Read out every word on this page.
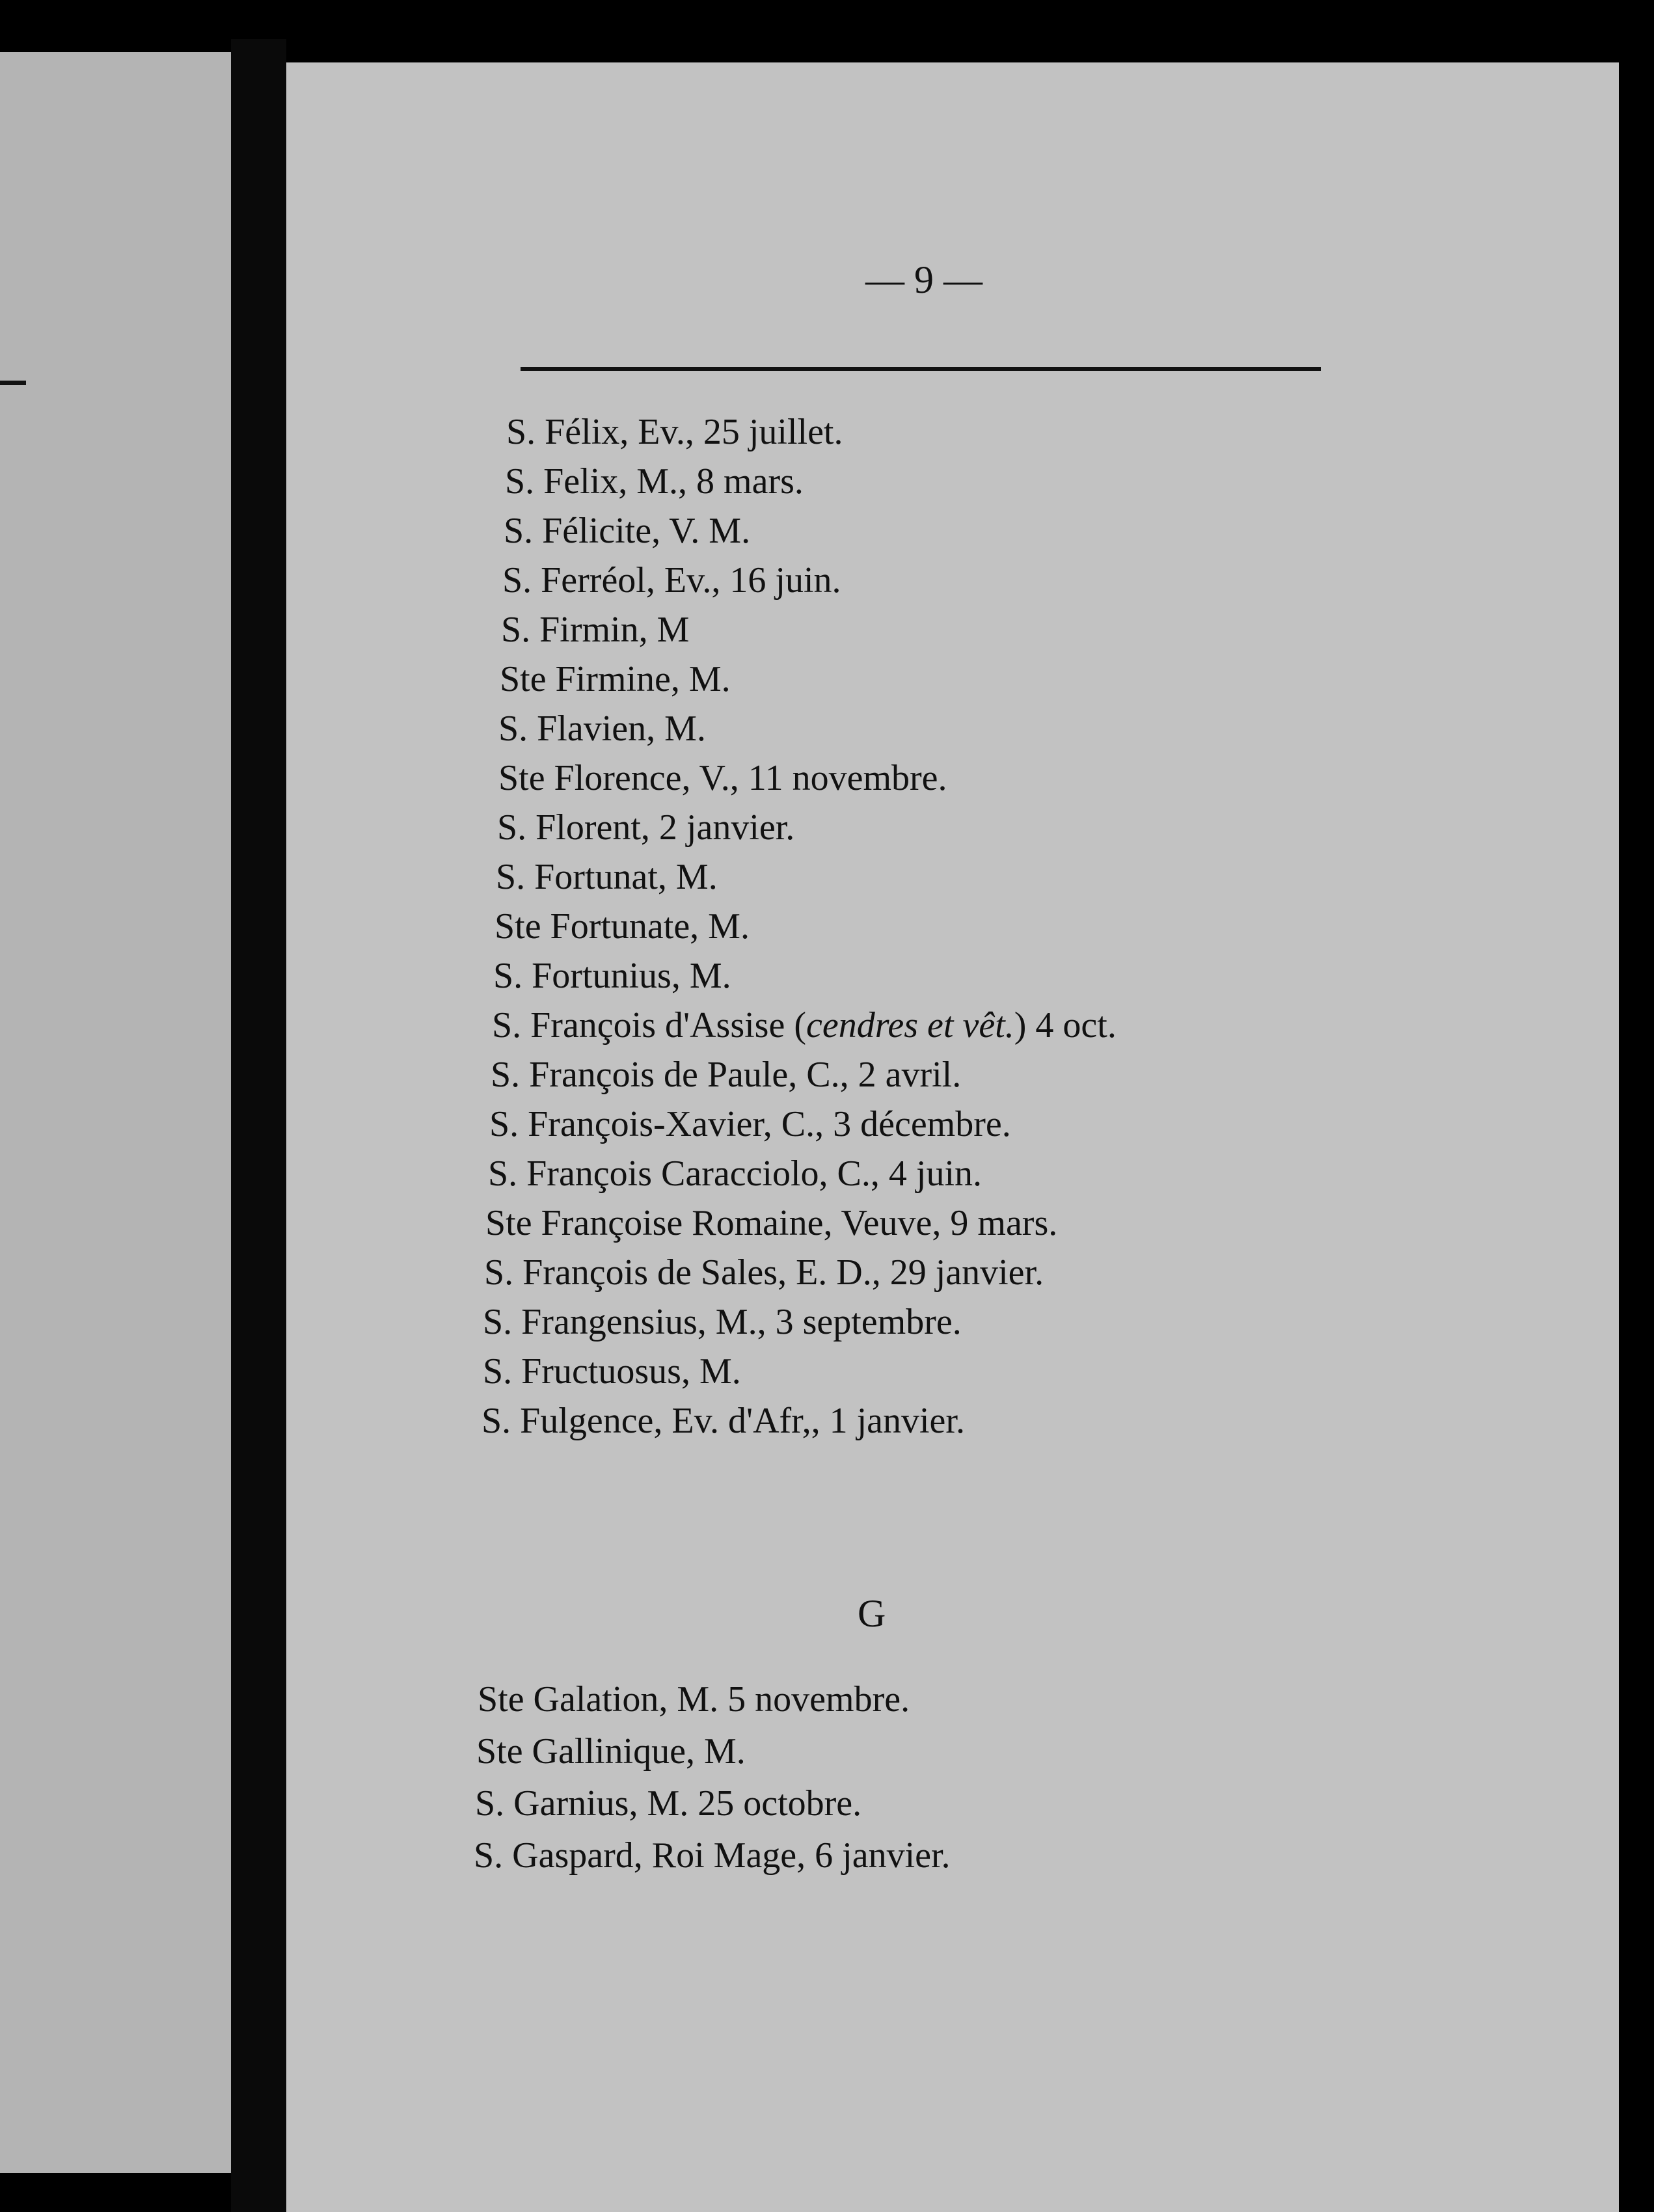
— 9 —
S. Félix, Ev., 25 juillet.
S. Felix, M., 8 mars.
S. Félicite, V. M.
S. Ferréol, Ev., 16 juin.
S. Firmin, M
Ste Firmine, M.
S. Flavien, M.
Ste Florence, V., 11 novembre.
S. Florent, 2 janvier.
S. Fortunat, M.
Ste Fortunate, M.
S. Fortunius, M.
S. François d'Assise (cendres et vêt.) 4 oct.
S. François de Paule, C., 2 avril.
S. François-Xavier, C., 3 décembre.
S. François Caracciolo, C., 4 juin.
Ste Françoise Romaine, Veuve, 9 mars.
S. François de Sales, E. D., 29 janvier.
S. Frangensius, M., 3 septembre.
S. Fructuosus, M.
S. Fulgence, Ev. d'Afr,, 1 janvier.
G
Ste Galation, M. 5 novembre.
Ste Gallinique, M.
S. Garnius, M. 25 octobre.
S. Gaspard, Roi Mage, 6 janvier.
